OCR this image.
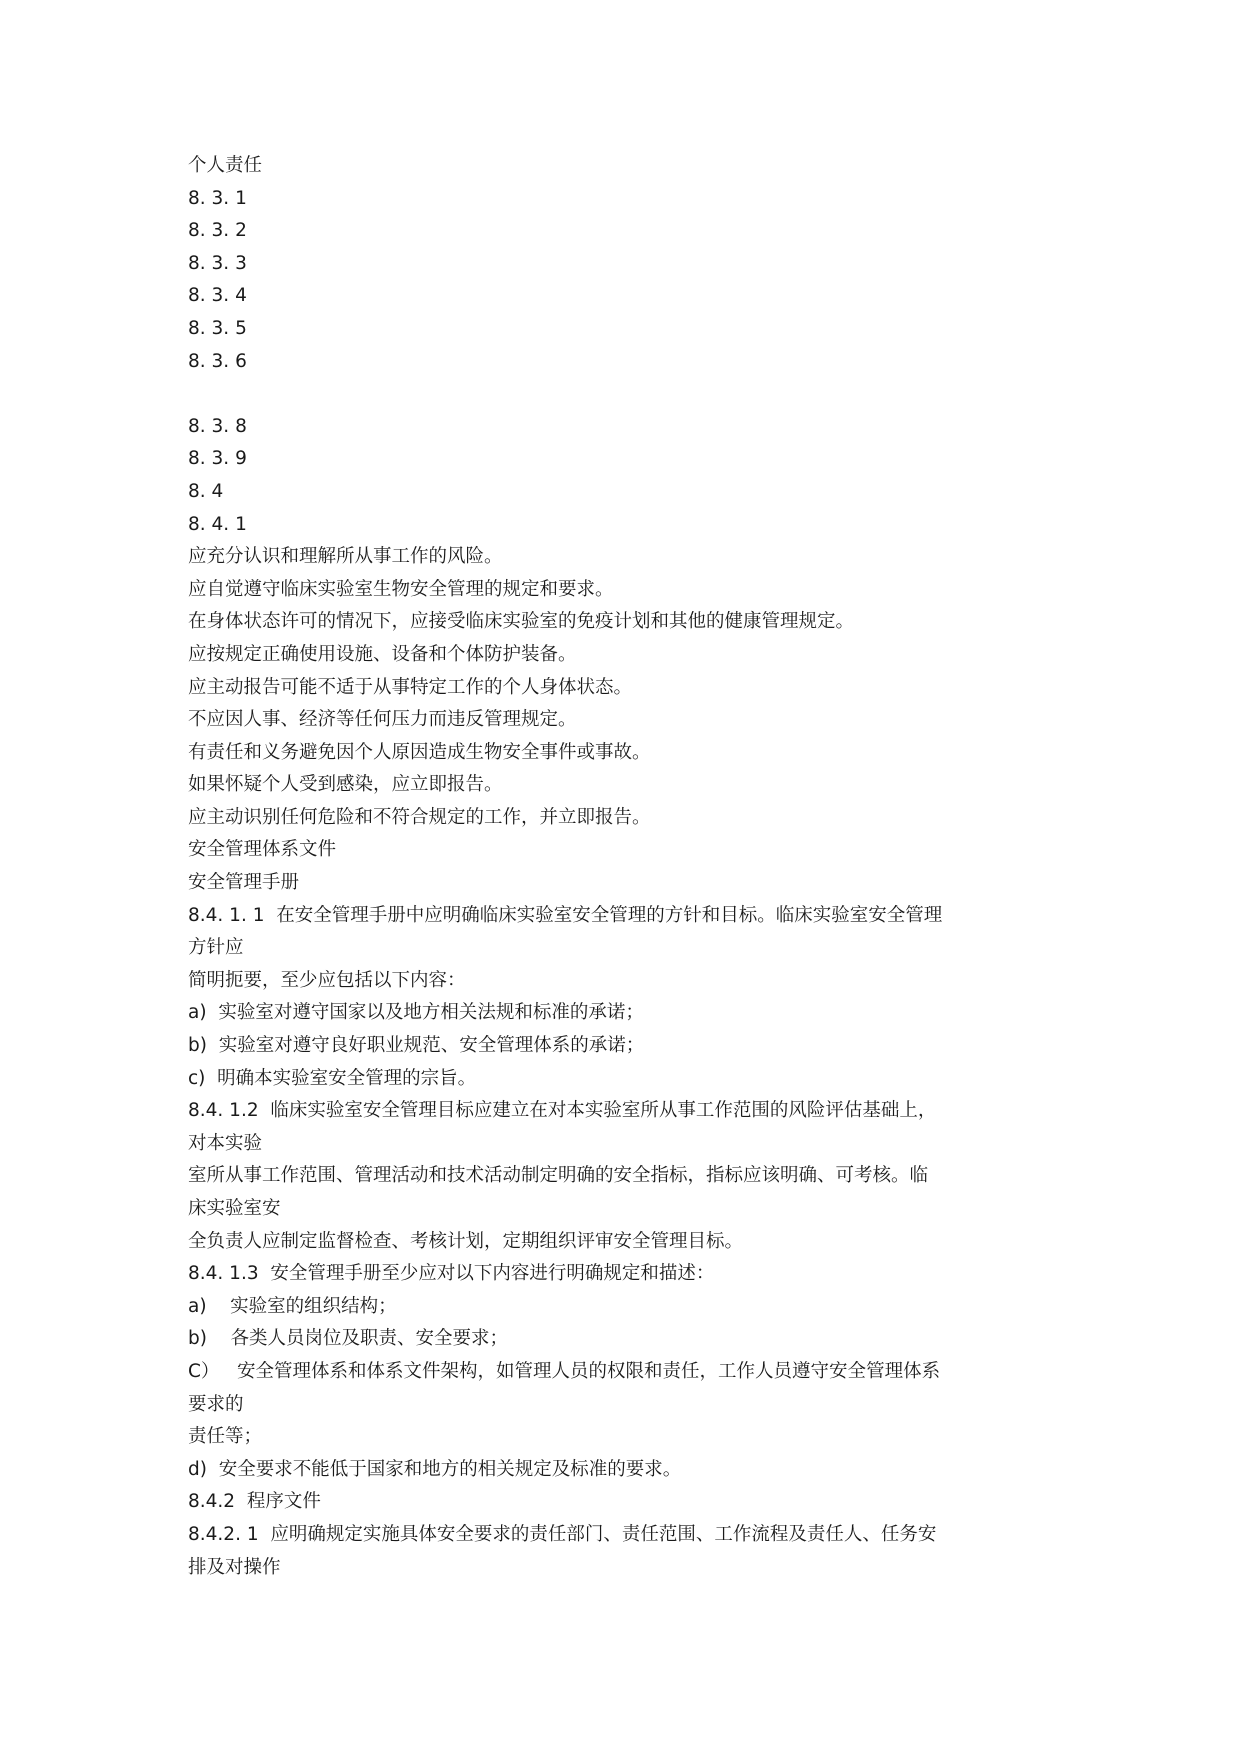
个人责任
8. 3. 1
8. 3. 2
8. 3. 3
8. 3. 4
8. 3. 5
8. 3. 6
8. 3. 8
8. 3. 9
8. 4
8. 4. 1
应充分认识和理解所从事工作的风险。
应自觉遵守临床实验室生物安全管理的规定和要求。
在身体状态许可的情况下，应接受临床实验室的免疫计划和其他的健康管理规定。
应按规定正确使用设施、设备和个体防护装备。
应主动报告可能不适于从事特定工作的个人身体状态。
不应因人事、经济等任何压力而违反管理规定。
有责任和义务避免因个人原因造成生物安全事件或事故。
如果怀疑个人受到感染，应立即报告。
应主动识别任何危险和不符合规定的工作，并立即报告。
安全管理体系文件
安全管理手册
8.4. 1. 1  在安全管理手册中应明确临床实验室安全管理的方针和目标。临床实验室安全管理
方针应
简明扼要，至少应包括以下内容：
a)  实验室对遵守国家以及地方相关法规和标准的承诺；
b)  实验室对遵守良好职业规范、安全管理体系的承诺；
c)  明确本实验室安全管理的宗旨。
8.4. 1.2  临床实验室安全管理目标应建立在对本实验室所从事工作范围的风险评估基础上，
对本实验
室所从事工作范围、管理活动和技术活动制定明确的安全指标，指标应该明确、可考核。临
床实验室安
全负责人应制定监督检查、考核计划，定期组织评审安全管理目标。
8.4. 1.3  安全管理手册至少应对以下内容进行明确规定和描述：
a)    实验室的组织结构；
b)    各类人员岗位及职责、安全要求；
C）   安全管理体系和体系文件架构，如管理人员的权限和责任，工作人员遵守安全管理体系
要求的
责任等；
d)  安全要求不能低于国家和地方的相关规定及标准的要求。
8.4.2  程序文件
8.4.2. 1  应明确规定实施具体安全要求的责任部门、责任范围、工作流程及责任人、任务安
排及对操作
